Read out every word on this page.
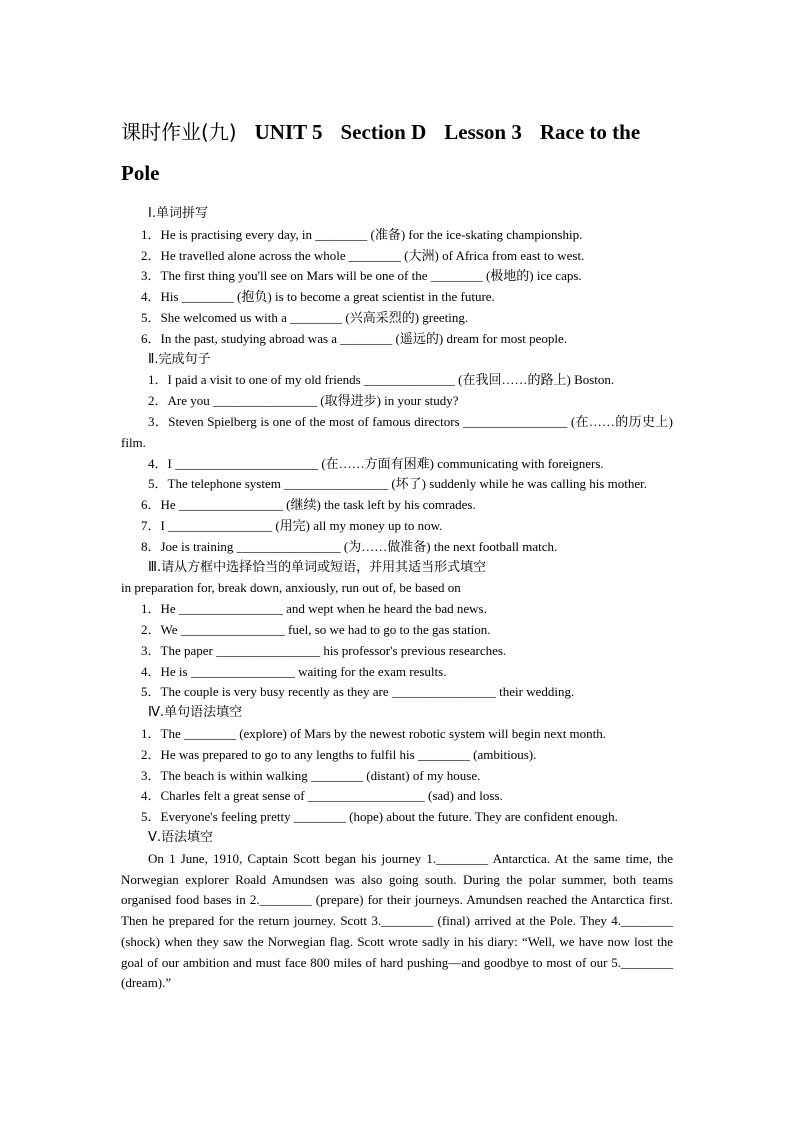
课时作业(九) UNIT 5 Section D Lesson 3 Race to the
Pole
Ⅰ.单词拼写
1．He is practising every day, in ________ (准备) for the ice-skating championship.
2．He travelled alone across the whole ________ (大洲) of Africa from east to west.
3．The first thing you'll see on Mars will be one of the ________ (极地的) ice caps.
4．His ________ (抱负) is to become a great scientist in the future.
5．She welcomed us with a ________ (兴高采烈的) greeting.
6．In the past, studying abroad was a ________ (遥远的) dream for most people.
Ⅱ.完成句子
1．I paid a visit to one of my old friends ______________ (在我回……的路上) Boston.
2．Are you ________________ (取得进步) in your study?
3．Steven Spielberg is one of the most of famous directors ________________ (在……的历史上) film.
4．I ______________________ (在……方面有困难) communicating with foreigners.
5．The telephone system ________________ (坏了) suddenly while he was calling his mother.
6．He ________________ (继续) the task left by his comrades.
7．I ________________ (用完) all my money up to now.
8．Joe is training ________________ (为……做准备) the next football match.
Ⅲ.请从方框中选择恰当的单词或短语，并用其适当形式填空
in preparation for, break down, anxiously, run out of, be based on
1．He ________________ and wept when he heard the bad news.
2．We ________________ fuel, so we had to go to the gas station.
3．The paper ________________ his professor's previous researches.
4．He is ________________ waiting for the exam results.
5．The couple is very busy recently as they are ________________ their wedding.
Ⅳ.单句语法填空
1．The ________ (explore) of Mars by the newest robotic system will begin next month.
2．He was prepared to go to any lengths to fulfil his ________ (ambitious).
3．The beach is within walking ________ (distant) of my house.
4．Charles felt a great sense of __________________ (sad) and loss.
5．Everyone's feeling pretty ________ (hope) about the future. They are confident enough.
Ⅴ.语法填空
On 1 June, 1910, Captain Scott began his journey 1.________ Antarctica. At the same time, the Norwegian explorer Roald Amundsen was also going south. During the polar summer, both teams organised food bases in 2.________ (prepare) for their journeys. Amundsen reached the Antarctica first. Then he prepared for the return journey. Scott 3.________ (final) arrived at the Pole. They 4.________ (shock) when they saw the Norwegian flag. Scott wrote sadly in his diary: “Well, we have now lost the goal of our ambition and must face 800 miles of hard pushing—and goodbye to most of our 5.________ (dream).”
